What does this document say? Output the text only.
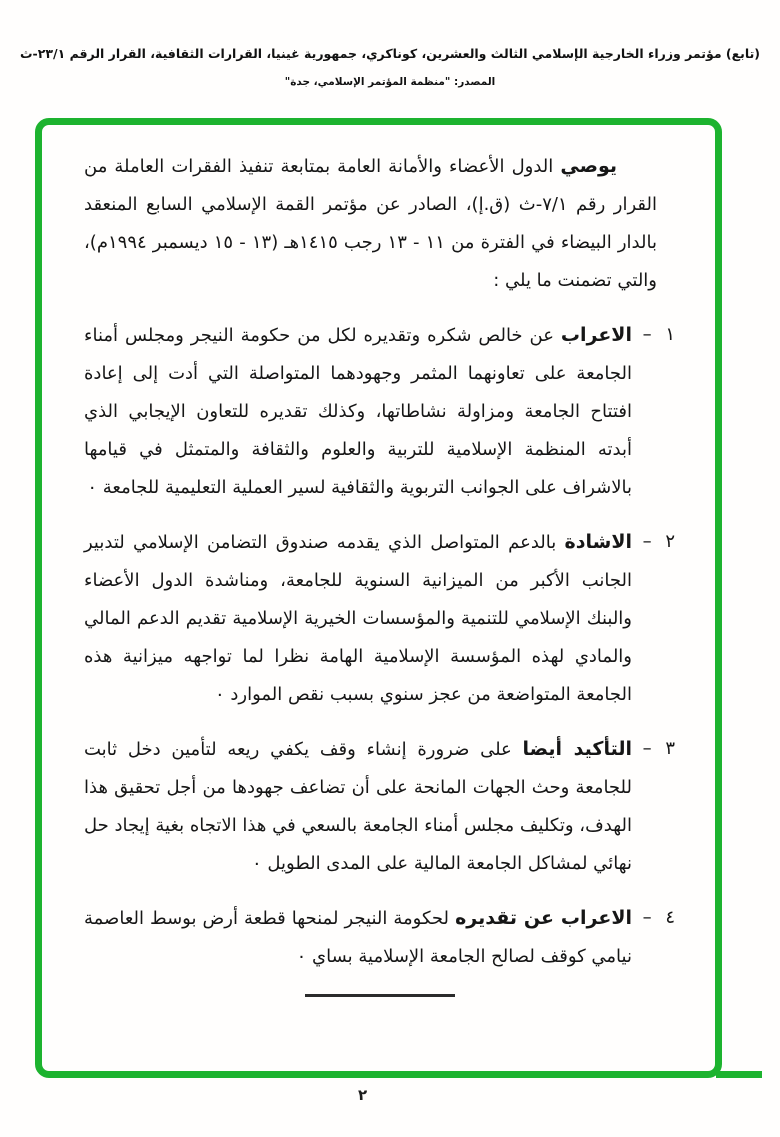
(تابع) مؤتمر وزراء الخارجية الإسلامي الثالث والعشرين، كوناكري، جمهورية غينيا، القرارات الثقافية، القرار الرقم ٢٣/١-ث
المصدر: "منظمة المؤتمر الإسلامي، جدة"

يوصي الدول الأعضاء والأمانة العامة بمتابعة تنفيذ الفقرات العاملة من القرار رقم ٧/١-ث (ق.إ)، الصادر عن مؤتمر القمة الإسلامي السابع المنعقد بالدار البيضاء في الفترة من ١١ - ١٣ رجب ١٤١٥هـ (١٣ - ١٥ ديسمبر ١٩٩٤م)، والتي تضمنت ما يلي :

١ –
الاعراب عن خالص شكره وتقديره لكل من حكومة النيجر ومجلس أمناء الجامعة على تعاونهما المثمر وجهودهما المتواصلة التي أدت إلى إعادة افتتاح الجامعة ومزاولة نشاطاتها، وكذلك تقديره للتعاون الإيجابي الذي أبدته المنظمة الإسلامية للتربية والعلوم والثقافة والمتمثل في قيامها بالاشراف على الجوانب التربوية والثقافية لسير العملية التعليمية للجامعة ٠
٢ –
الاشادة بالدعم المتواصل الذي يقدمه صندوق التضامن الإسلامي لتدبير الجانب الأكبر من الميزانية السنوية للجامعة، ومناشدة الدول الأعضاء والبنك الإسلامي للتنمية والمؤسسات الخيرية الإسلامية تقديم الدعم المالي والمادي لهذه المؤسسة الإسلامية الهامة نظرا لما تواجهه ميزانية هذه الجامعة المتواضعة من عجز سنوي بسبب نقص الموارد ٠
٣ –
التأكيد أيضا على ضرورة إنشاء وقف يكفي ريعه لتأمين دخل ثابت للجامعة وحث الجهات المانحة على أن تضاعف جهودها من أجل تحقيق هذا الهدف، وتكليف مجلس أمناء الجامعة بالسعي في هذا الاتجاه بغية إيجاد حل نهائي لمشاكل الجامعة المالية على المدى الطويل ٠
٤ –
الاعراب عن تقديره لحكومة النيجر لمنحها قطعة أرض بوسط العاصمة نيامي كوقف لصالح الجامعة الإسلامية بساي ٠
٢
